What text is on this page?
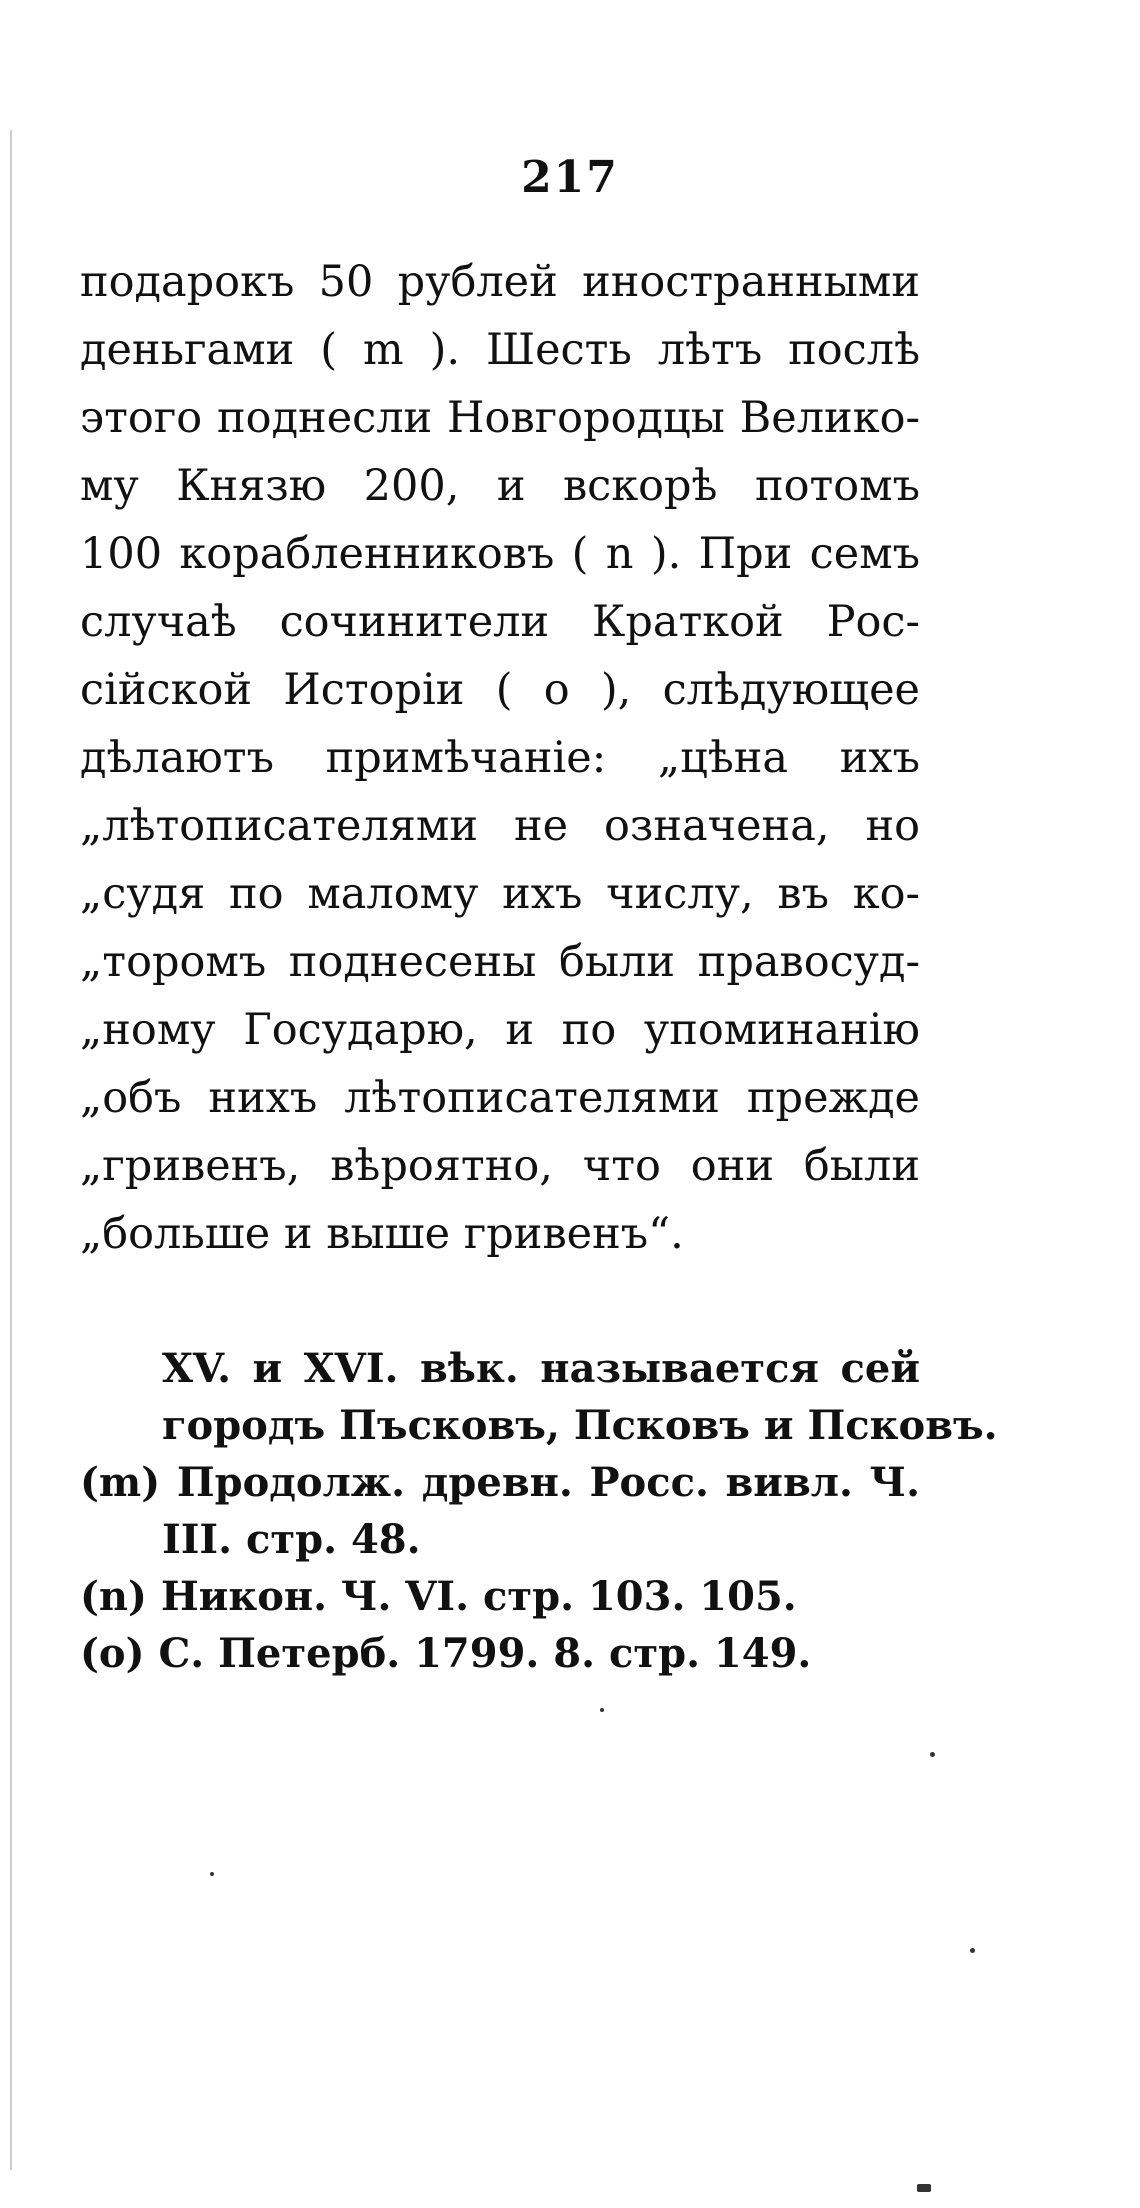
217
подарокъ 50 рублей иностранными
деньгами ( m ). Шесть лѣтъ послѣ
этого поднесли Новгородцы Велико-
му Князю 200, и вскорѣ потомъ
100 корабленниковъ ( n ). При семъ
случаѣ сочинители Краткой Рос-
сiйской Исторiи ( o ), слѣдующее
дѣлаютъ примѣчанiе: „цѣна ихъ
„лѣтописателями не означена, но
„судя по малому ихъ числу, въ ко-
„торомъ поднесены были правосуд-
„ному Государю, и по упоминанiю
„объ нихъ лѣтописателями прежде
„гривенъ, вѣроятно, что они были
„больше и выше гривенъ“.
XV. и XVI. вѣк. называется сей
городъ Пъсковъ, Псковъ и Псковъ.
(m) Продолж. древн. Росс. вивл. Ч.
III. стр. 48.
(n) Никон. Ч. VI. стр. 103. 105.
(o) С. Петерб. 1799. 8. стр. 149.
